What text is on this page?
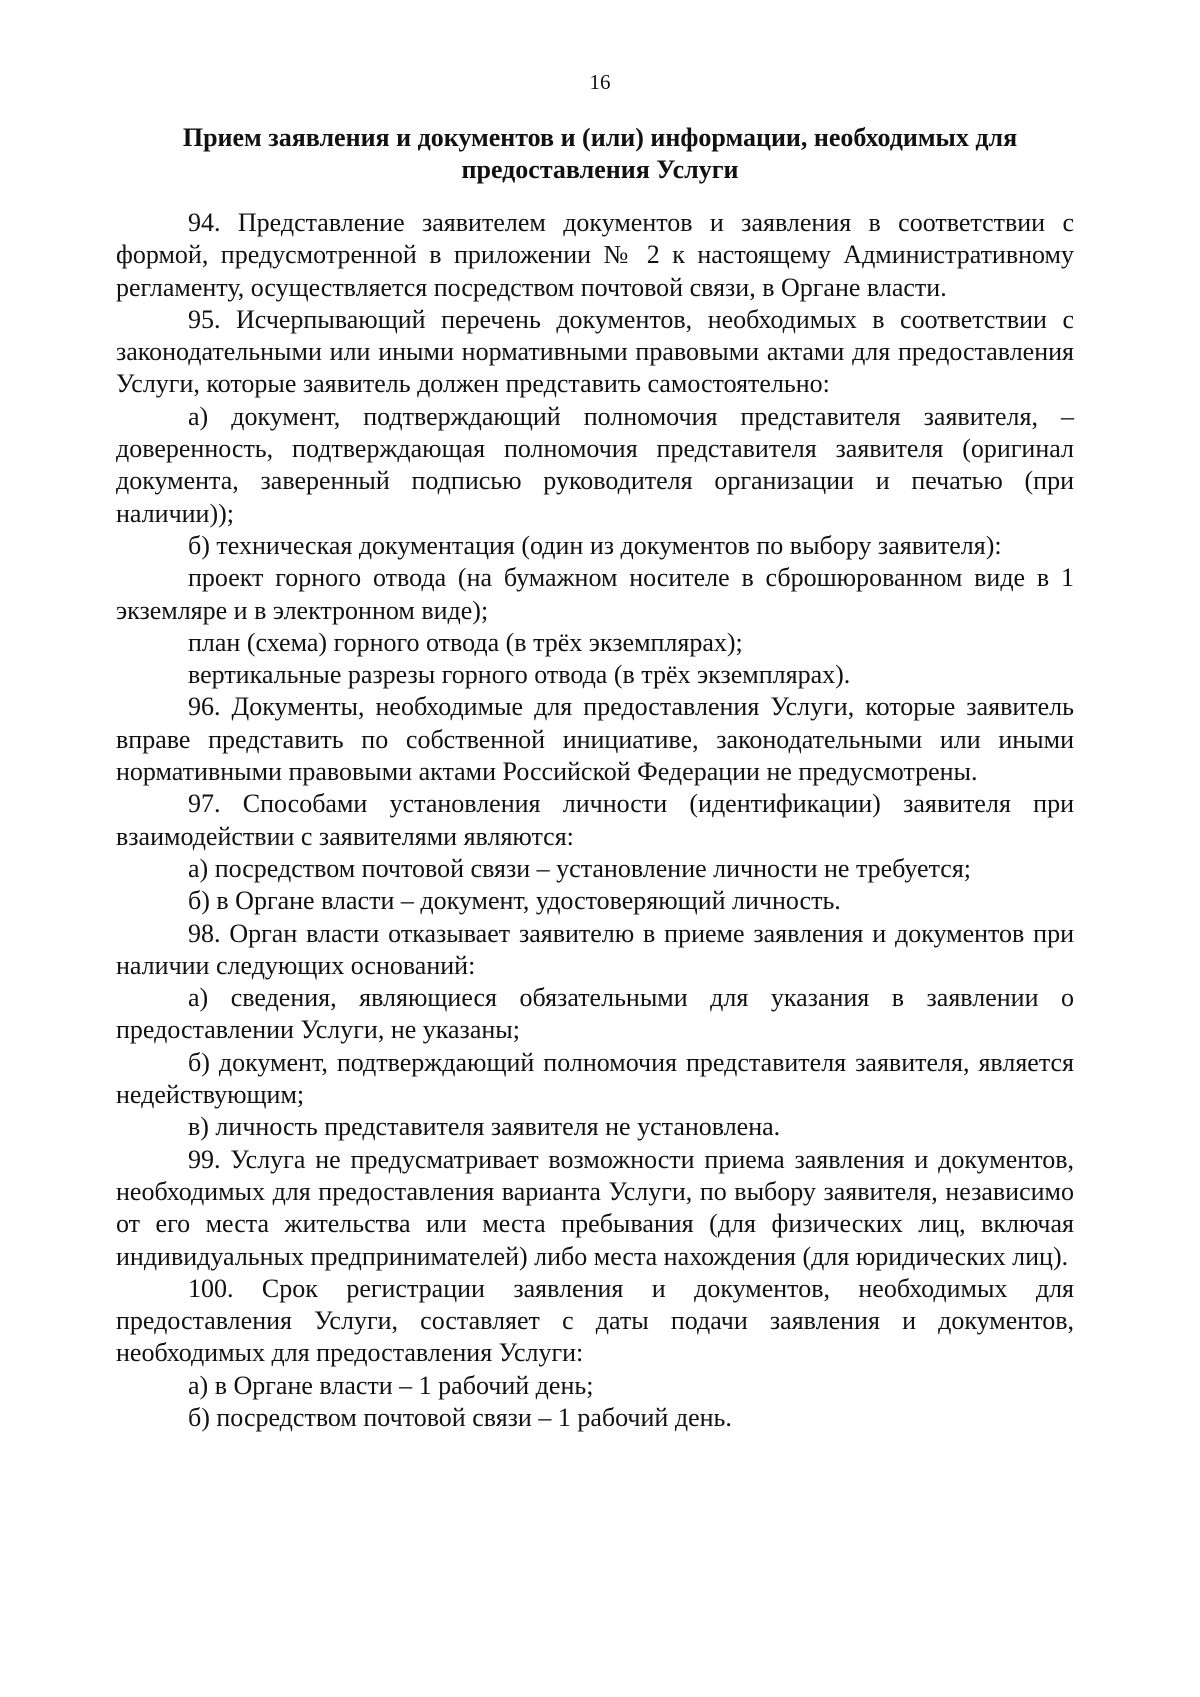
16
Прием заявления и документов и (или) информации, необходимых для
предоставления Услуги

94. Представление заявителем документов и заявления в соответствии с формой, предусмотренной в приложении № 2 к настоящему Административному регламенту, осуществляется посредством почтовой связи, в Органе власти.

95. Исчерпывающий перечень документов, необходимых в соответствии с законодательными или иными нормативными правовыми актами для предоставления Услуги, которые заявитель должен представить самостоятельно:

а) документ, подтверждающий полномочия представителя заявителя, – доверенность, подтверждающая полномочия представителя заявителя (оригинал документа, заверенный подписью руководителя организации и печатью (при наличии));

б) техническая документация (один из документов по выбору заявителя):

проект горного отвода (на бумажном носителе в сброшюрованном виде в 1 экземляре и в электронном виде);

план (схема) горного отвода (в трёх экземплярах);

вертикальные разрезы горного отвода (в трёх экземплярах).

96. Документы, необходимые для предоставления Услуги, которые заявитель вправе представить по собственной инициативе, законодательными или иными нормативными правовыми актами Российской Федерации не предусмотрены.

97. Способами установления личности (идентификации) заявителя при взаимодействии с заявителями являются:

а) посредством почтовой связи – установление личности не требуется;

б) в Органе власти – документ, удостоверяющий личность.

98. Орган власти отказывает заявителю в приеме заявления и документов при наличии следующих оснований:

а) сведения, являющиеся обязательными для указания в заявлении о предоставлении Услуги, не указаны;

б) документ, подтверждающий полномочия представителя заявителя, является недействующим;

в) личность представителя заявителя не установлена.

99. Услуга не предусматривает возможности приема заявления и документов, необходимых для предоставления варианта Услуги, по выбору заявителя, независимо от его места жительства или места пребывания (для физических лиц, включая индивидуальных предпринимателей) либо места нахождения (для юридических лиц).

100. Срок регистрации заявления и документов, необходимых для предоставления Услуги, составляет с даты подачи заявления и документов, необходимых для предоставления Услуги:

а) в Органе власти – 1 рабочий день;

б) посредством почтовой связи – 1 рабочий день.
